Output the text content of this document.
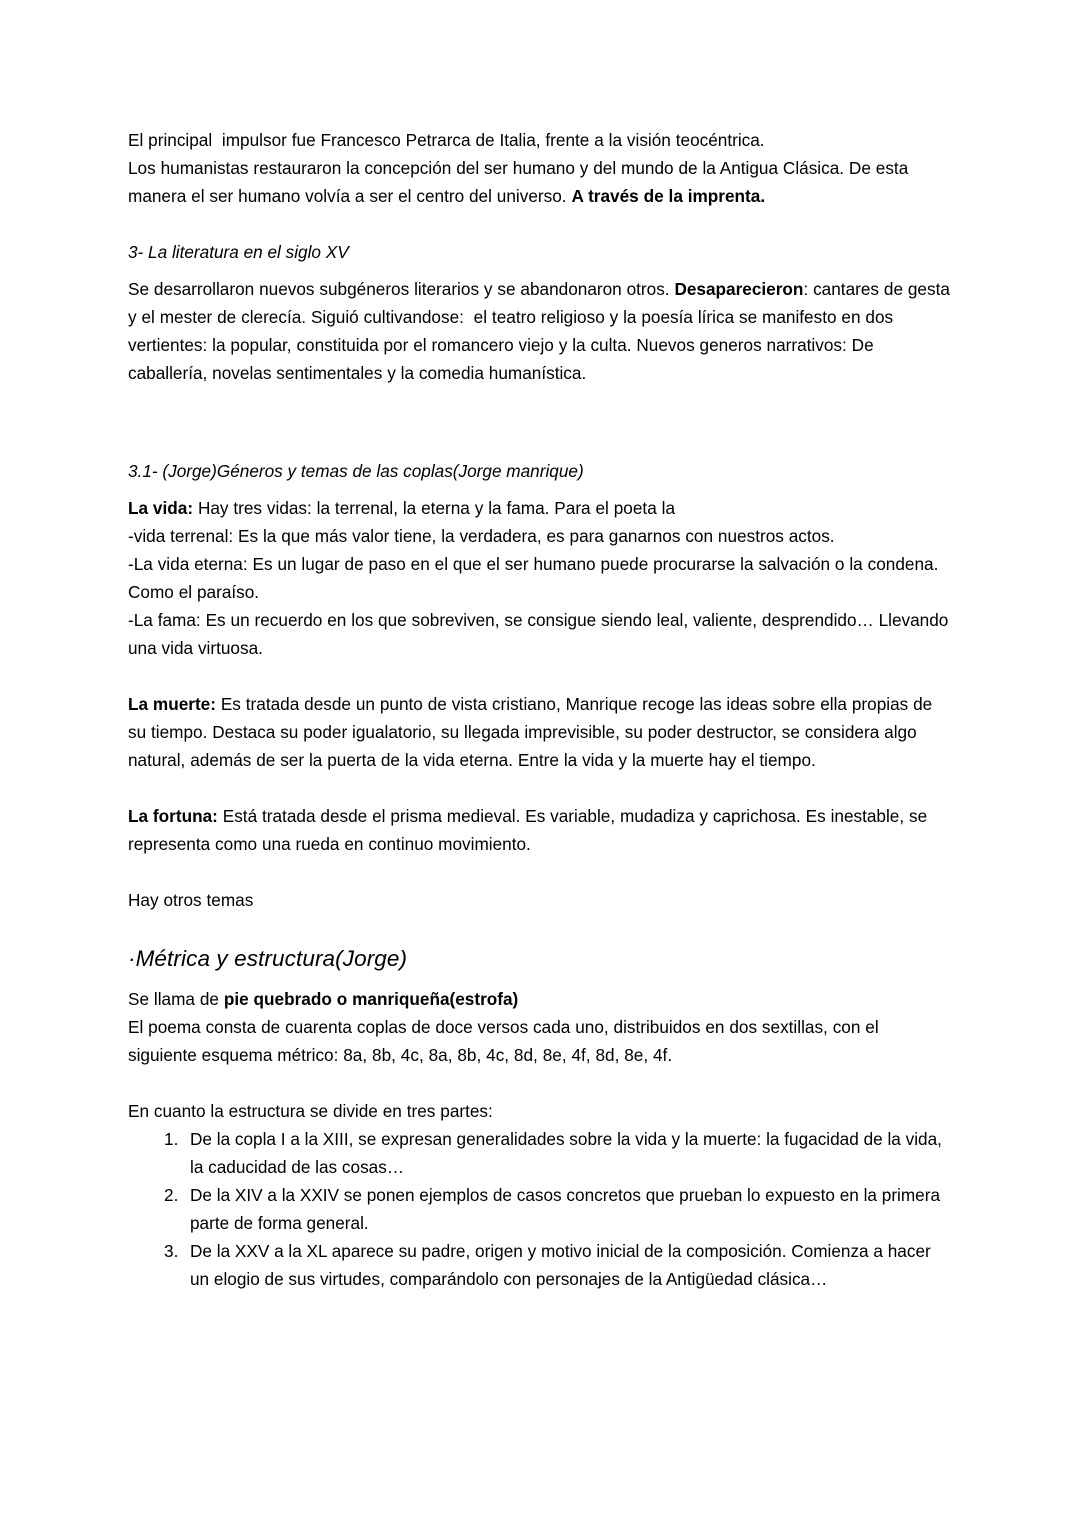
El principal  impulsor fue Francesco Petrarca de Italia, frente a la visión teocéntrica.
Los humanistas restauraron la concepción del ser humano y del mundo de la Antigua Clásica. De esta manera el ser humano volvía a ser el centro del universo. A través de la imprenta.

3- La literatura en el siglo XV

Se desarrollaron nuevos subgéneros literarios y se abandonaron otros. Desaparecieron: cantares de gesta y el mester de clerecía. Siguió cultivandose:  el teatro religioso y la poesía lírica se manifesto en dos vertientes: la popular, constituida por el romancero viejo y la culta. Nuevos generos narrativos: De caballería, novelas sentimentales y la comedia humanística.

3.1- (Jorge)Géneros y temas de las coplas(Jorge manrique)

La vida: Hay tres vidas: la terrenal, la eterna y la fama. Para el poeta la
-vida terrenal: Es la que más valor tiene, la verdadera, es para ganarnos con nuestros actos.
-La vida eterna: Es un lugar de paso en el que el ser humano puede procurarse la salvación o la condena. Como el paraíso.
-La fama: Es un recuerdo en los que sobreviven, se consigue siendo leal, valiente, desprendido… Llevando una vida virtuosa.

La muerte: Es tratada desde un punto de vista cristiano, Manrique recoge las ideas sobre ella propias de su tiempo. Destaca su poder igualatorio, su llegada imprevisible, su poder destructor, se considera algo natural, además de ser la puerta de la vida eterna. Entre la vida y la muerte hay el tiempo.

La fortuna: Está tratada desde el prisma medieval. Es variable, mudadiza y caprichosa. Es inestable, se representa como una rueda en continuo movimiento.

Hay otros temas

·Métrica y estructura(Jorge)

Se llama de pie quebrado o manriqueña(estrofa)

El poema consta de cuarenta coplas de doce versos cada uno, distribuidos en dos sextillas, con el siguiente esquema métrico: 8a, 8b, 4c, 8a, 8b, 4c, 8d, 8e, 4f, 8d, 8e, 4f.

En cuanto la estructura se divide en tres partes:

De la copla I a la XIII, se expresan generalidades sobre la vida y la muerte: la fugacidad de la vida, la caducidad de las cosas…
De la XIV a la XXIV se ponen ejemplos de casos concretos que prueban lo expuesto en la primera parte de forma general.
De la XXV a la XL aparece su padre, origen y motivo inicial de la composición. Comienza a hacer un elogio de sus virtudes, comparándolo con personajes de la Antigüedad clásica…
